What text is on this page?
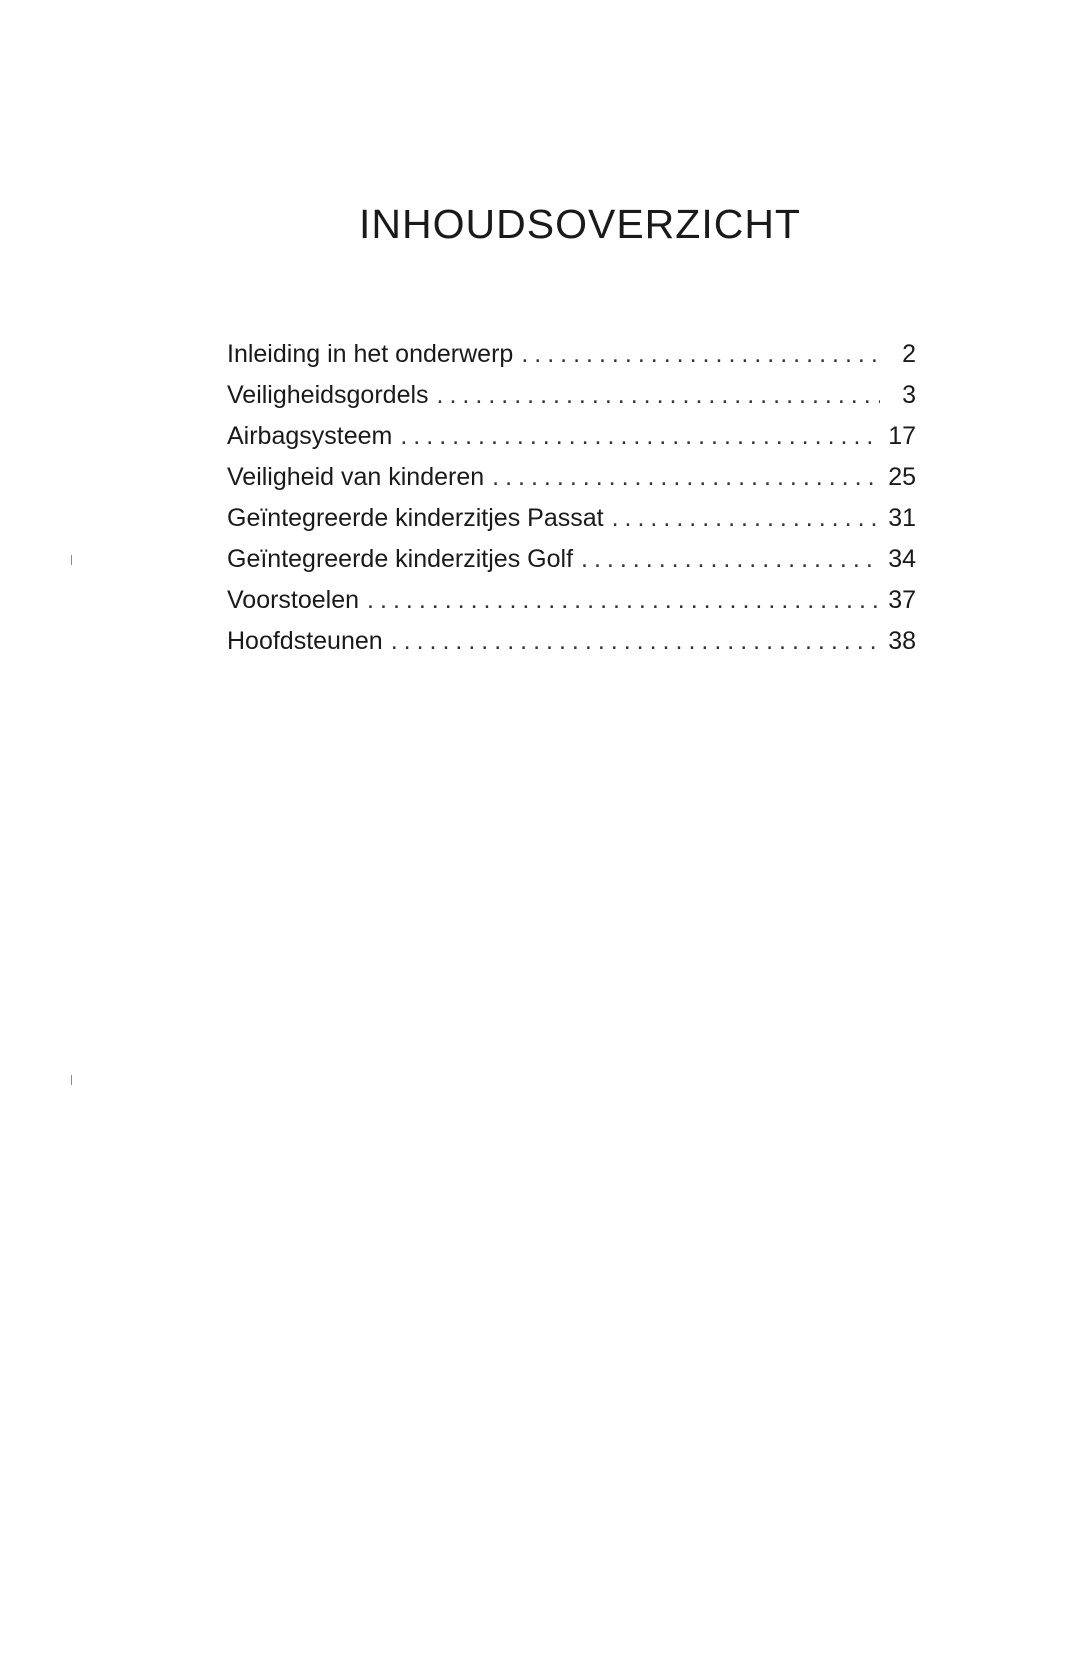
INHOUDSOVERZICHT
Inleiding in het onderwerp .....	2
Veiligheidsgordels .....	3
Airbagsysteem .....	17
Veiligheid van kinderen .....	25
Geïntegreerde kinderzitjes Passat .....	31
Geïntegreerde kinderzitjes Golf .....	34
Voorstoelen .....	37
Hoofdsteunen .....	38
